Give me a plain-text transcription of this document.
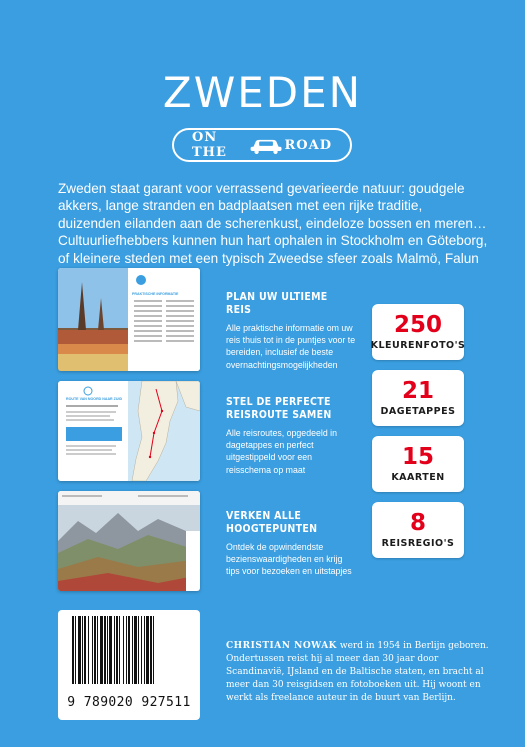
ZWEDEN
ON THE	ROAD

Zweden staat garant voor verrassend gevarieerde natuur: goudgele akkers, lange stranden en badplaatsen met een rijke traditie, duizenden eilanden aan de scherenkust, eindeloze bossen en meren… Cultuurliefhebbers kunnen hun hart ophalen in Stockholm en Göteborg, of kleinere steden met een typisch Zweedse sfeer zoals Malmö, Falun

PRAKTISCHE INFORMATIE
ROUTE VAN NOORD NAAR ZUID
PLAN UW ULTIEME REIS
Alle praktische informatie om uw reis thuis tot in de puntjes voor te bereiden, inclusief de beste overnachtingsmogelijkheden
STEL DE PERFECTE REISROUTE SAMEN
Alle reisroutes, opgedeeld in dagetappes en perfect uitgestippeld voor een reisschema op maat
VERKEN ALLE HOOGTEPUNTEN
Ontdek de opwindendste bezienswaardigheden en krijg tips voor bezoeken en uitstapjes
250
KLEURENFOTO'S
21
DAGETAPPES
15
KAARTEN
8
REISREGIO'S
9 789020 927511

CHRISTIAN NOWAK werd in 1954 in Berlijn geboren. Ondertussen reist hij al meer dan 30 jaar door Scandinavië, IJsland en de Baltische staten, en bracht al meer dan 30 reisgidsen en fotoboeken uit. Hij woont en werkt als freelance auteur in de buurt van Berlijn.
